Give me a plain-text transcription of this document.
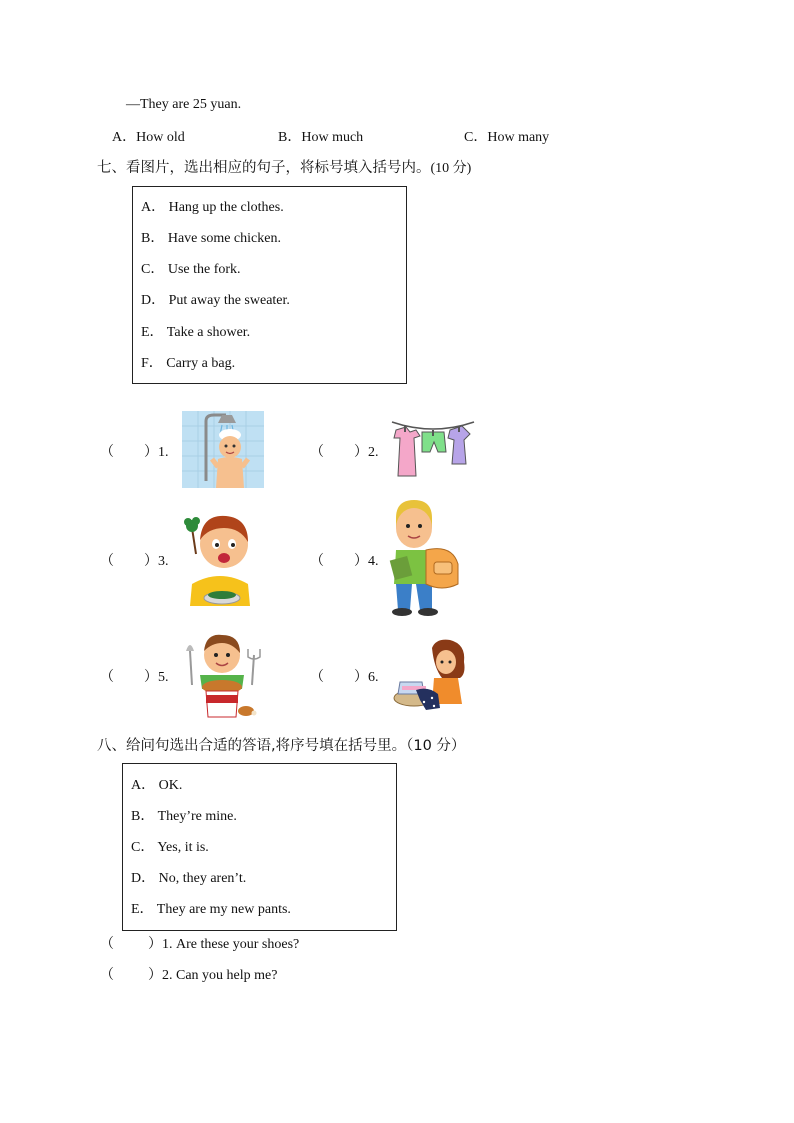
—They are 25 yuan.
A．How old	B．How much	C．How many
七、看图片，选出相应的句子，将标号填入括号内。(10 分)
A． Hang up the clothes.
B． Have some chicken.
C． Use the fork.
D． Put away the sweater.
E． Take a shower.
F． Carry a bag.
（ ）1.	（ ）2.
（ ）3.	（ ）4.
（ ）5.	（ ）6.
八、给问句选出合适的答语,将序号填在括号里。（10 分）
A． OK.
B． They’re mine.
C． Yes, it is.
D． No, they aren’t.
E． They are my new pants.
（ ）1. Are these your shoes?
（ ）2. Can you help me?
